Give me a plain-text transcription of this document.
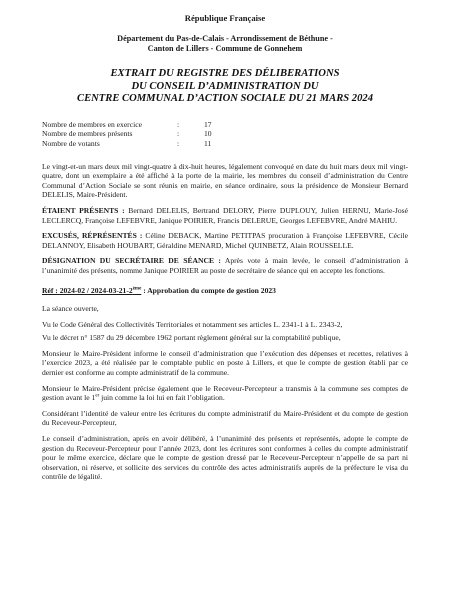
République Française
Département du Pas-de-Calais - Arrondissement de Béthune -
Canton de Lillers - Commune de Gonnehem
EXTRAIT DU REGISTRE DES DÉLIBERATIONS
DU CONSEIL D’ADMINISTRATION DU
CENTRE COMMUNAL D’ACTION SOCIALE DU 21 MARS 2024
Nombre de membres en exercice	:	17
Nombre de membres présents	:	10
Nombre de votants	:	11

Le vingt-et-un mars deux mil vingt-quatre à dix-huit heures, légalement convoqué en date du huit mars deux mil vingt-quatre, dont un exemplaire a été affiché à la porte de la mairie, les membres du conseil d’administration du Centre Communal d’Action Sociale se sont réunis en mairie, en séance ordinaire, sous la présidence de Monsieur Bernard DELELIS, Maire-Président.

ÉTAIENT PRÉSENTS : Bernard DELELIS, Bertrand DELORY, Pierre DUPLOUY, Julien HERNU, Marie-José LECLERCQ, Françoise LEFEBVRE, Janique POIRIER, Francis DELERUE, Georges LEFEBVRE, André MAHIU.

EXCUSÉS, RÉPRÉSENTÉS : Céline DEBACK, Martine PETITPAS procuration à Françoise LEFEBVRE, Cécile DELANNOY, Elisabeth HOUBART, Géraldine MENARD, Michel QUINBETZ, Alain ROUSSELLE.

DÉSIGNATION DU SECRÉTAIRE DE SÉANCE : Après vote à main levée, le conseil d’administration à l’unanimité des présents, nomme Janique POIRIER au poste de secrétaire de séance qui en accepte les fonctions.

Réf : 2024-02 / 2024-03-21-2ème : Approbation du compte de gestion 2023

La séance ouverte,

Vu le Code Général des Collectivités Territoriales et notamment ses articles L. 2341-1 à L. 2343-2,

Vu le décret n° 1587 du 29 décembre 1962 portant règlement général sur la comptabilité publique,

Monsieur le Maire-Président informe le conseil d’administration que l’exécution des dépenses et recettes, relatives à l’exercice 2023, a été réalisée par le comptable public en poste à Lillers, et que le compte de gestion établi par ce dernier est conforme au compte administratif de la commune.

Monsieur le Maire-Président précise également que le Receveur-Percepteur a transmis à la commune ses comptes de gestion avant le 1er juin comme la loi lui en fait l’obligation.

Considérant l’identité de valeur entre les écritures du compte administratif du Maire-Président et du compte de gestion du Receveur-Percepteur,

Le conseil d’administration, après en avoir délibéré, à l’unanimité des présents et représentés, adopte le compte de gestion du Receveur-Percepteur pour l’année 2023, dont les écritures sont conformes à celles du compte administratif pour le même exercice, déclare que le compte de gestion dressé par le Receveur-Percepteur n’appelle de sa part ni observation, ni réserve, et sollicite des services du contrôle des actes administratifs auprès de la préfecture le visa du contrôle de légalité.
